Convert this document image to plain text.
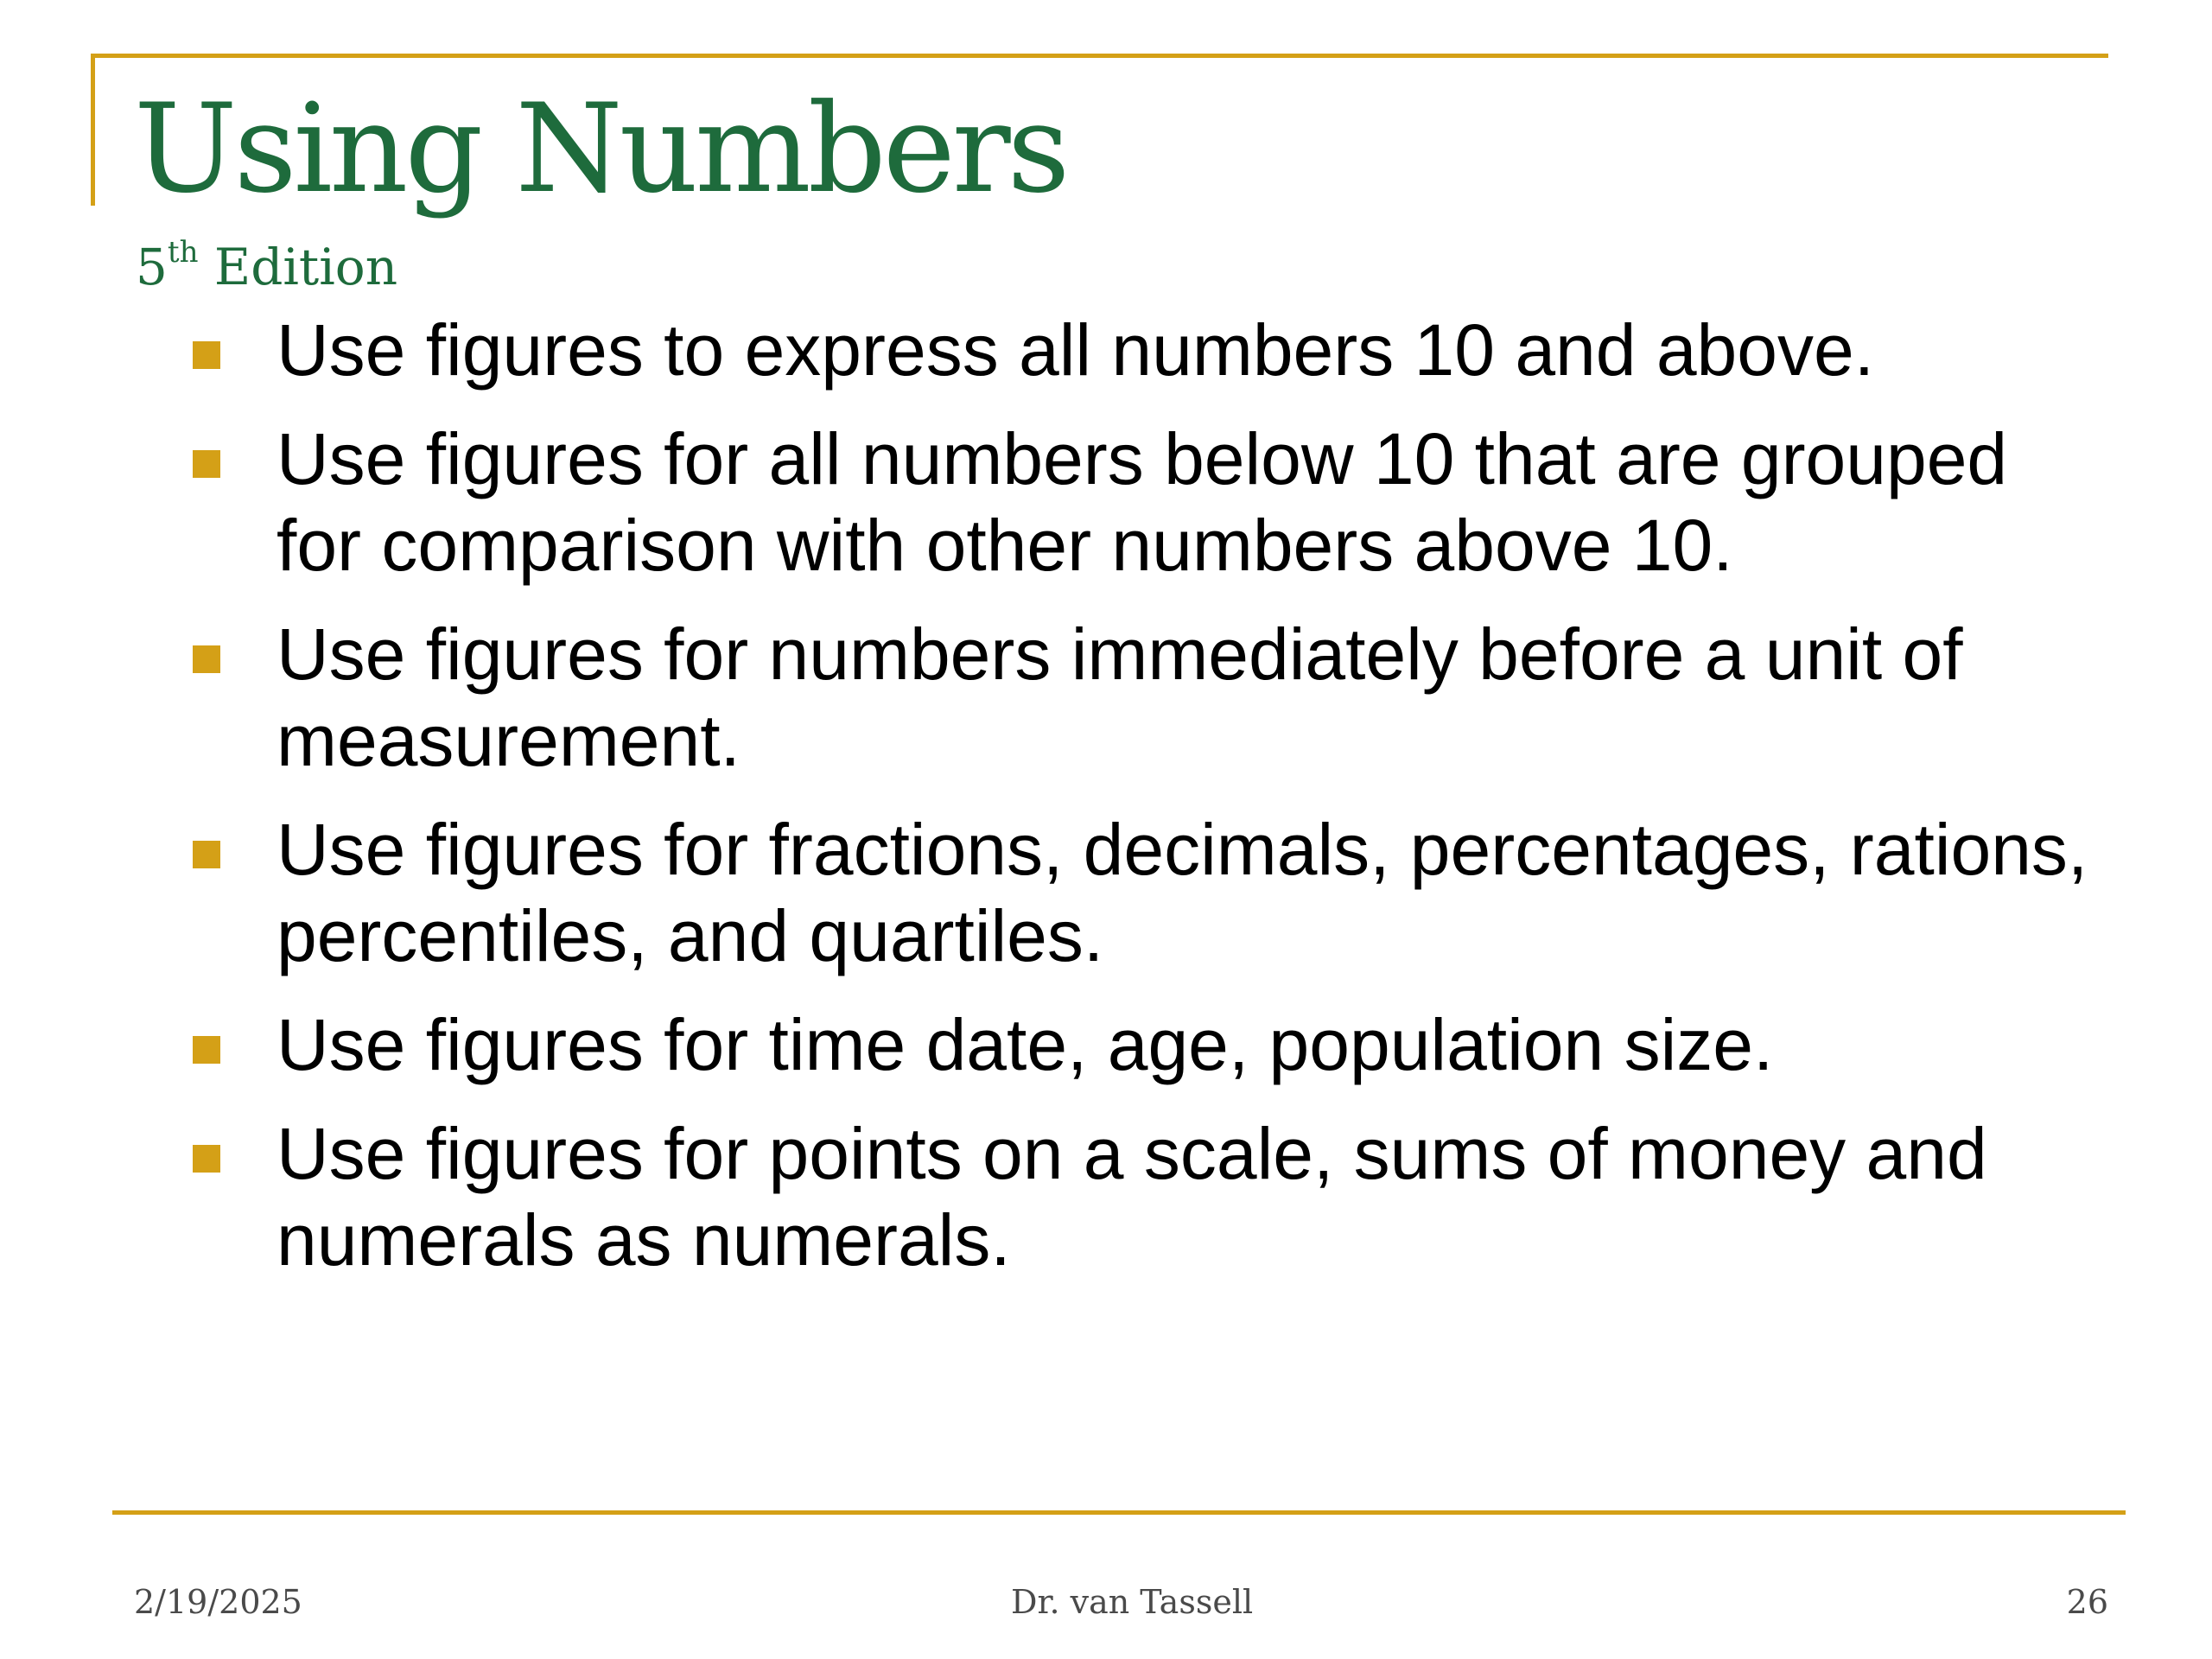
Using Numbers
5th Edition
Use figures to express all numbers 10 and above.
Use figures for all numbers below 10 that are grouped for comparison with other numbers above 10.
Use figures for numbers immediately before a unit of measurement.
Use figures for fractions, decimals, percentages, rations, percentiles, and quartiles.
Use figures for time date, age, population size.
Use figures for points on a scale, sums of money and numerals as numerals.
2/19/2025	Dr. van Tassell	26
